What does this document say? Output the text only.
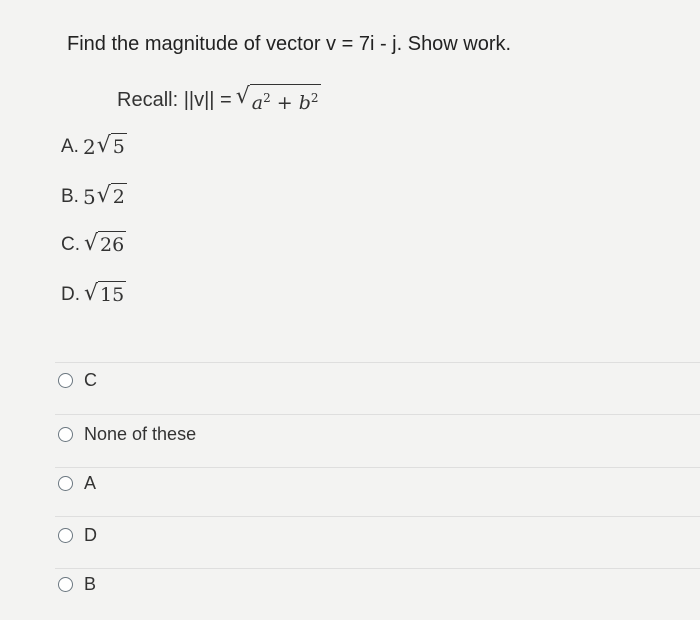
Find the magnitude of vector v = 7i - j. Show work.
Recall: ||v|| = √ $a^2 + b^2$
A. 2 √ 5
B. 5 √ 2
C. √ 26
D. √ 15
C
None of these
A
D
B
